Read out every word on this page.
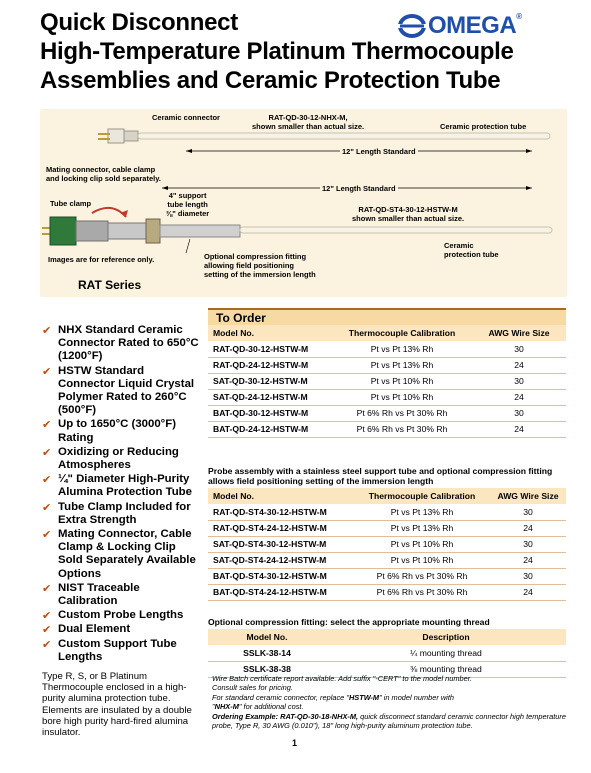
Quick Disconnect
High-Temperature Platinum Thermocouple
Assemblies and Ceramic Protection Tube
OMEGA®
Ceramic connector	RAT-QD-30-12-NHX-M,
shown smaller than actual size.	Ceramic protection tube
12" Length Standard
Mating connector, cable clamp
and locking clip sold separately.
4" support
tube length
⅜" diameter
12" Length Standard
Tube clamp
RAT-QD-ST4-30-12-HSTW-M
shown smaller than actual size.
Ceramic
protection tube
Images are for reference only.	Optional compression fitting
allowing field positioning
setting of the immersion length
RAT Series
✔ NHX Standard Ceramic Connector Rated to 650°C (1200°F)
✔ HSTW Standard Connector Liquid Crystal Polymer Rated to 260°C (500°F)
✔ Up to 1650°C (3000°F) Rating
✔ Oxidizing or Reducing Atmospheres
✔ ¼" Diameter High-Purity Alumina Protection Tube
✔ Tube Clamp Included for Extra Strength
✔ Mating Connector, Cable Clamp & Locking Clip Sold Separately Available Options
✔ NIST Traceable Calibration
✔ Custom Probe Lengths
✔ Dual Element
✔ Custom Support Tube Lengths
Type R, S, or B Platinum Thermocouple enclosed in a high-purity alumina protection tube. Elements are insulated by a double bore high purity hard-fired alumina insulator.
To Order
Model No.	Thermocouple Calibration	AWG Wire Size
RAT-QD-30-12-HSTW-M	Pt vs Pt 13% Rh	30
RAT-QD-24-12-HSTW-M	Pt vs Pt 13% Rh	24
SAT-QD-30-12-HSTW-M	Pt vs Pt 10% Rh	30
SAT-QD-24-12-HSTW-M	Pt vs Pt 10% Rh	24
BAT-QD-30-12-HSTW-M	Pt 6% Rh vs Pt 30% Rh	30
BAT-QD-24-12-HSTW-M	Pt 6% Rh vs Pt 30% Rh	24
Probe assembly with a stainless steel support tube and optional compression fitting allows field positioning setting of the immersion length
Model No.	Thermocouple Calibration	AWG Wire Size
RAT-QD-ST4-30-12-HSTW-M	Pt vs Pt 13% Rh	30
RAT-QD-ST4-24-12-HSTW-M	Pt vs Pt 13% Rh	24
SAT-QD-ST4-30-12-HSTW-M	Pt vs Pt 10% Rh	30
SAT-QD-ST4-24-12-HSTW-M	Pt vs Pt 10% Rh	24
BAT-QD-ST4-30-12-HSTW-M	Pt 6% Rh vs Pt 30% Rh	30
BAT-QD-ST4-24-12-HSTW-M	Pt 6% Rh vs Pt 30% Rh	24
Optional compression fitting: select the appropriate mounting thread
Model No.	Description
SSLK-38-14	¼ mounting thread
SSLK-38-38	⅜ mounting thread
Wire Batch certificate report available. Add suffix "-CERT" to the model number.
Consult sales for pricing.
For standard ceramic connector, replace "HSTW-M" in model number with
"NHX-M" for additional cost.
Ordering Example: RAT-QD-30-18-NHX-M, quick disconnect standard ceramic connector high temperature probe, Type R, 30 AWG (0.010"), 18" long high-purity aluminum protection tube.
1
